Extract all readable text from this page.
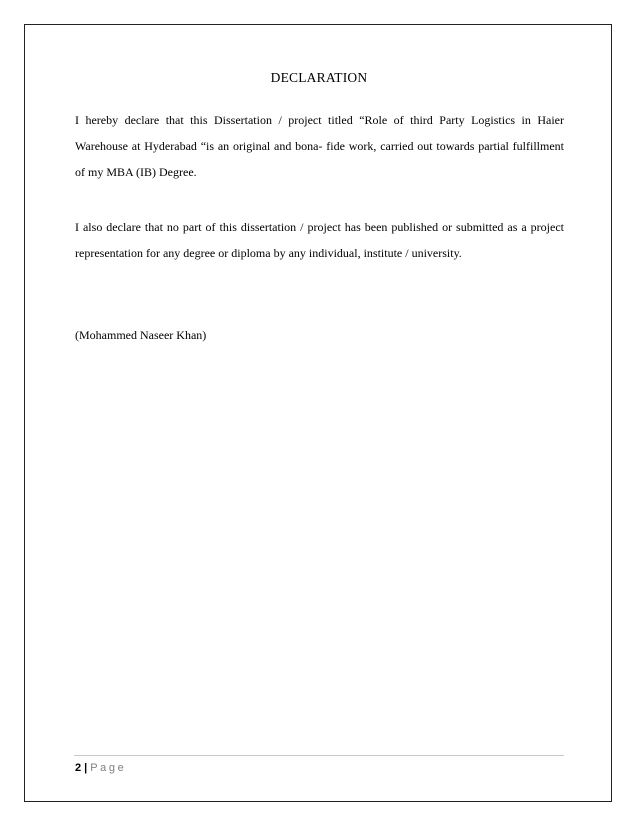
DECLARATION

I hereby declare that this Dissertation / project titled “Role of third Party Logistics in Haier Warehouse at Hyderabad “is an original and bona- fide work, carried out towards partial fulfillment of my MBA (IB) Degree.

I also declare that no part of this dissertation / project has been published or submitted as a project representation for any degree or diploma by any individual, institute / university.

(Mohammed Naseer Khan)
2 | Page
